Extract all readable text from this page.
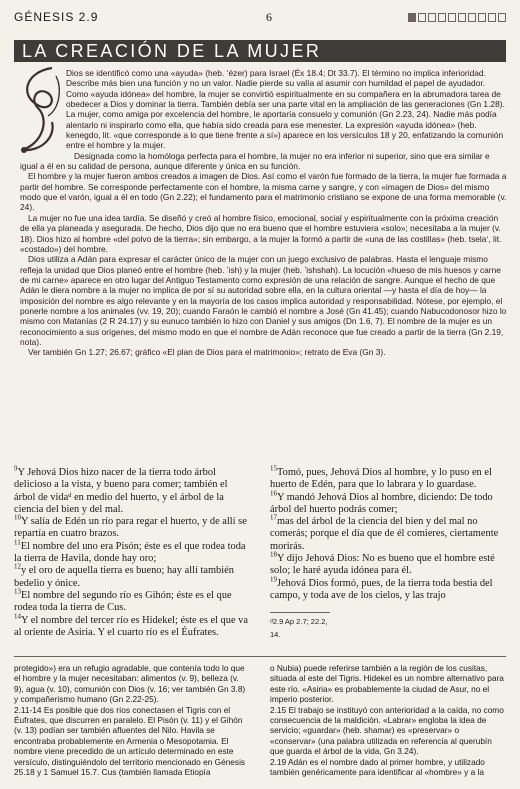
GÉNESIS 2.9	6
LA CREACIÓN DE LA MUJER

Dios se identificó como una «ayuda» (heb. ʻézer) para Israel (Éx 18.4; Dt 33.7). El término no implica inferioridad. Describe más bien una función y no un valor. Nadie pierde su valía al asumir con humildad el papel de ayudador. Como «ayuda idónea» del hombre, la mujer se convirtió espiritualmente en su compañera en la abrumadora tarea de obedecer a Dios y dominar la tierra. También debía ser una parte vital en la ampliación de las generaciones (Gn 1.28). La mujer, como amiga por excelencia del hombre, le aportaría consuelo y comunión (Gn 2.23, 24). Nadie más podía alentarlo ni inspirarlo como ella, que había sido creada para ese menester. La expresión «ayuda idónea» (heb. kenegdo, lit. «que corresponde a lo que tiene frente a sí») aparece en los versículos 18 y 20, enfatizando la comunión entre el hombre y la mujer.

Designada como la homóloga perfecta para el hombre, la mujer no era inferior ni superior, sino que era similar e igual a él en su calidad de persona, aunque diferente y única en su función.

El hombre y la mujer fueron ambos creados a imagen de Dios. Así como el varón fue formado de la tierra, la mujer fue formada a partir del hombre. Se corresponde perfectamente con el hombre, la misma carne y sangre, y con «imagen de Dios» del mismo modo que el varón, igual a él en todo (Gn 2.22); el fundamento para el matrimonio cristiano se expone de una forma memorable (v. 24).

La mujer no fue una idea tardía. Se diseñó y creó al hombre físico, emocional, social y espiritualmente con la próxima creación de ella ya planeada y asegurada. De hecho, Dios dijo que no era bueno que el hombre estuviera «solo»; necesitaba a la mujer (v. 18). Dios hizo al hombre «del polvo de la tierra»; sin embargo, a la mujer la formó a partir de «una de las costillas» (heb. tselaʻ, lit. «costado») del hombre.

Dios utiliza a Adán para expresar el carácter único de la mujer con un juego exclusivo de palabras. Hasta el lenguaje mismo refleja la unidad que Dios planeó entre el hombre (heb. ʼish) y la mujer (heb. ʼishshah). La locución «hueso de mis huesos y carne de mi carne» aparece en otro lugar del Antiguo Testamento como expresión de una relación de sangre. Aunque el hecho de que Adán le diera nombre a la mujer no implica de por sí su autoridad sobre ella, en la cultura oriental —y hasta el día de hoy— la imposición del nombre es algo relevante y en la mayoría de los casos implica autoridad y responsabilidad. Nótese, por ejemplo, el ponerle nombre a los animales (vv. 19, 20); cuando Faraón le cambió el nombre a José (Gn 41.45); cuando Nabucodonosor hizo lo mismo con Matanías (2 R 24.17) y su eunuco también lo hizo con Daniel y sus amigos (Dn 1.6, 7). El nombre de la mujer es un reconocimiento a sus orígenes, del mismo modo en que el nombre de Adán reconoce que fue creado a partir de la tierra (Gn 2.19, nota).

Ver también Gn 1.27; 26.67; gráfico «El plan de Dios para el matrimonio»; retrato de Eva (Gn 3).

$^9$Y Jehová Dios hizo nacer de la tierra todo árbol delicioso a la vista, y bueno para comer; también el árbol de vidaᵈ en medio del huerto, y el árbol de la ciencia del bien y del mal.

$^{10}$Y salía de Edén un río para regar el huerto, y de allí se repartía en cuatro brazos.

$^{11}$El nombre del uno era Pisón; éste es el que rodea toda la tierra de Havila, donde hay oro;

$^{12}$y el oro de aquella tierra es bueno; hay allí también bedelio y ónice.

$^{13}$El nombre del segundo río es Gihón; éste es el que rodea toda la tierra de Cus.

$^{14}$Y el nombre del tercer río es Hidekel; éste es el que va al oriente de Asiria. Y el cuarto río es el Éufrates.

$^{15}$Tomó, pues, Jehová Dios al hombre, y lo puso en el huerto de Edén, para que lo labrara y lo guardase.

$^{16}$Y mandó Jehová Dios al hombre, diciendo: De todo árbol del huerto podrás comer;

$^{17}$mas del árbol de la ciencia del bien y del mal no comerás; porque el día que de él comieres, ciertamente morirás.

$^{18}$Y dijo Jehová Dios: No es bueno que el hombre esté solo; le haré ayuda idónea para él.

$^{19}$Jehová Dios formó, pues, de la tierra toda bestia del campo, y toda ave de los cielos, y las trajo

ᵈ2.9 Ap 2.7; 22.2, 14.

protegido») era un refugio agradable, que contenía todo lo que el hombre y la mujer necesitaban: alimentos (v. 9), belleza (v. 9), agua (v. 10), comunión con Dios (v. 16; ver también Gn 3.8) y compañerismo humano (Gn 2.22-25).

2.11-14 Es posible que dos ríos conectasen el Tigris con el Éufrates, que discurren en paralelo. El Pisón (v. 11) y el Gihón (v. 13) podían ser también afluentes del Nilo. Havila se encontraba probablemente en Armenia o Mesopotamia. El nombre viene precedido de un artículo determinado en este versículo, distinguiéndolo del territorio mencionado en Génesis 25.18 y 1 Samuel 15.7. Cus (también llamada Etiopía

o Nubia) puede referirse también a la región de los cusitas, situada al este del Tigris. Hidekel es un nombre alternativo para este río. «Asiria» es probablemente la ciudad de Asur, no el imperio posterior.

2.15 El trabajo se instituyó con anterioridad a la caída, no como consecuencia de la maldición. «Labrar» engloba la idea de servicio; «guardar» (heb. shamar) es «preservar» o «conservar» (una palabra utilizada en referencia al querubín que guarda el árbol de la vida, Gn 3.24).

2.19 Adán es el nombre dado al primer hombre, y utilizado también genéricamente para identificar al «hombre» y a la
